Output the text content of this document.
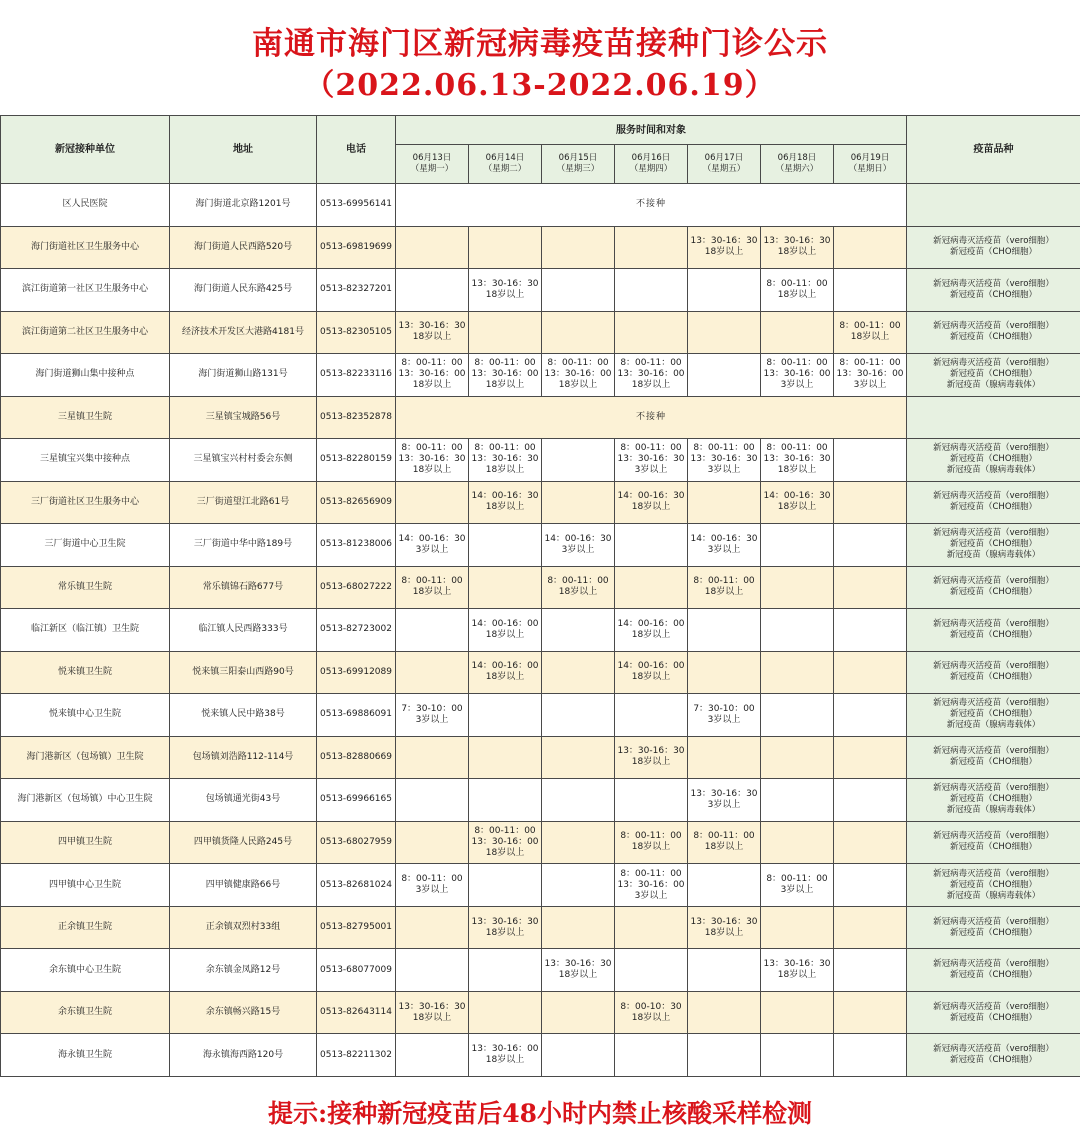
南通市海门区新冠病毒疫苗接种门诊公示
（2022.06.13-2022.06.19）
新冠接种单位	地址	电话	服务时间和对象							疫苗品种

			06月13日
（星期一）	06月14日
（星期二）	06月15日
（星期三）	06月16日
（星期四）	06月17日
（星期五）	06月18日
（星期六）	06月19日
（星期日）	

区人民医院	海门街道北京路1201号	0513-69956141	不接种							

海门街道社区卫生服务中心	海门街道人民西路520号	0513-69819699					13：30-16：30
18岁以上	13：30-16：30
18岁以上		新冠病毒灭活疫苗（vero细胞）
新冠疫苗（CHO细胞）

滨江街道第一社区卫生服务中心	海门街道人民东路425号	0513-82327201		13：30-16：30
18岁以上				8：00-11：00
18岁以上		新冠病毒灭活疫苗（vero细胞）
新冠疫苗（CHO细胞）

滨江街道第二社区卫生服务中心	经济技术开发区大港路4181号	0513-82305105	13：30-16：30
18岁以上						8：00-11：00
18岁以上	新冠病毒灭活疫苗（vero细胞）
新冠疫苗（CHO细胞）

海门街道狮山集中接种点	海门街道狮山路131号	0513-82233116	8：00-11：00
13：30-16：00
18岁以上	8：00-11：00
13：30-16：00
18岁以上	8：00-11：00
13：30-16：00
18岁以上	8：00-11：00
13：30-16：00
18岁以上		8：00-11：00
13：30-16：00
3岁以上	8：00-11：00
13：30-16：00
3岁以上	新冠病毒灭活疫苗（vero细胞）
新冠疫苗（CHO细胞）
新冠疫苗（腺病毒载体）

三星镇卫生院	三星镇宝城路56号	0513-82352878	不接种							

三星镇宝兴集中接种点	三星镇宝兴村村委会东侧	0513-82280159	8：00-11：00
13：30-16：30
18岁以上	8：00-11：00
13：30-16：30
18岁以上		8：00-11：00
13：30-16：30
3岁以上	8：00-11：00
13：30-16：30
3岁以上	8：00-11：00
13：30-16：30
18岁以上		新冠病毒灭活疫苗（vero细胞）
新冠疫苗（CHO细胞）
新冠疫苗（腺病毒载体）

三厂街道社区卫生服务中心	三厂街道望江北路61号	0513-82656909		14：00-16：30
18岁以上		14：00-16：30
18岁以上		14：00-16：30
18岁以上		新冠病毒灭活疫苗（vero细胞）
新冠疫苗（CHO细胞）

三厂街道中心卫生院	三厂街道中华中路189号	0513-81238006	14：00-16：30
3岁以上		14：00-16：30
3岁以上		14：00-16：30
3岁以上			新冠病毒灭活疫苗（vero细胞）
新冠疫苗（CHO细胞）
新冠疫苗（腺病毒载体）

常乐镇卫生院	常乐镇锦石路677号	0513-68027222	8：00-11：00
18岁以上		8：00-11：00
18岁以上		8：00-11：00
18岁以上			新冠病毒灭活疫苗（vero细胞）
新冠疫苗（CHO细胞）

临江新区（临江镇）卫生院	临江镇人民西路333号	0513-82723002		14：00-16：00
18岁以上		14：00-16：00
18岁以上				新冠病毒灭活疫苗（vero细胞）
新冠疫苗（CHO细胞）

悦来镇卫生院	悦来镇三阳泰山西路90号	0513-69912089		14：00-16：00
18岁以上		14：00-16：00
18岁以上				新冠病毒灭活疫苗（vero细胞）
新冠疫苗（CHO细胞）

悦来镇中心卫生院	悦来镇人民中路38号	0513-69886091	7：30-10：00
3岁以上				7：30-10：00
3岁以上			新冠病毒灭活疫苗（vero细胞）
新冠疫苗（CHO细胞）
新冠疫苗（腺病毒载体）

海门港新区（包场镇）卫生院	包场镇刘浩路112-114号	0513-82880669				13：30-16：30
18岁以上				新冠病毒灭活疫苗（vero细胞）
新冠疫苗（CHO细胞）

海门港新区（包场镇）中心卫生院	包场镇通光街43号	0513-69966165					13：30-16：30
3岁以上			新冠病毒灭活疫苗（vero细胞）
新冠疫苗（CHO细胞）
新冠疫苗（腺病毒载体）

四甲镇卫生院	四甲镇货隆人民路245号	0513-68027959		8：00-11：00
13：30-16：00
18岁以上		8：00-11：00
18岁以上	8：00-11：00
18岁以上			新冠病毒灭活疫苗（vero细胞）
新冠疫苗（CHO细胞）

四甲镇中心卫生院	四甲镇健康路66号	0513-82681024	8：00-11：00
3岁以上			8：00-11：00
13：30-16：00
3岁以上		8：00-11：00
3岁以上		新冠病毒灭活疫苗（vero细胞）
新冠疫苗（CHO细胞）
新冠疫苗（腺病毒载体）

正余镇卫生院	正余镇双烈村33组	0513-82795001		13：30-16：30
18岁以上			13：30-16：30
18岁以上			新冠病毒灭活疫苗（vero细胞）
新冠疫苗（CHO细胞）

余东镇中心卫生院	余东镇金凤路12号	0513-68077009			13：30-16：30
18岁以上			13：30-16：30
18岁以上		新冠病毒灭活疫苗（vero细胞）
新冠疫苗（CHO细胞）

余东镇卫生院	余东镇畅兴路15号	0513-82643114	13：30-16：30
18岁以上			8：00-10：30
18岁以上				新冠病毒灭活疫苗（vero细胞）
新冠疫苗（CHO细胞）

海永镇卫生院	海永镇海西路120号	0513-82211302		13：30-16：00
18岁以上						新冠病毒灭活疫苗（vero细胞）
新冠疫苗（CHO细胞）
提示:接种新冠疫苗后48小时内禁止核酸采样检测
